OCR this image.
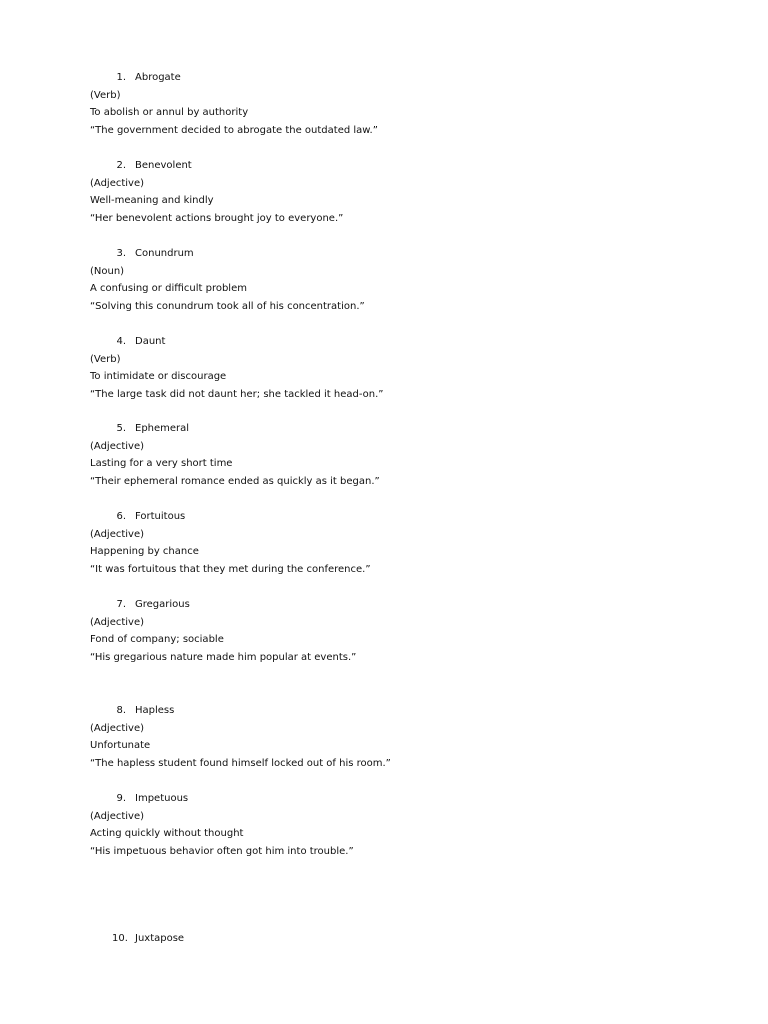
1. Abrogate
(Verb)
To abolish or annul by authority
“The government decided to abrogate the outdated law.”
2. Benevolent
(Adjective)
Well-meaning and kindly
“Her benevolent actions brought joy to everyone.”
3. Conundrum
(Noun)
A confusing or difficult problem
“Solving this conundrum took all of his concentration.”
4. Daunt
(Verb)
To intimidate or discourage
“The large task did not daunt her; she tackled it head-on.”
5. Ephemeral
(Adjective)
Lasting for a very short time
“Their ephemeral romance ended as quickly as it began.”
6. Fortuitous
(Adjective)
Happening by chance
“It was fortuitous that they met during the conference.”
7. Gregarious
(Adjective)
Fond of company; sociable
“His gregarious nature made him popular at events.”
8. Hapless
(Adjective)
Unfortunate
“The hapless student found himself locked out of his room.”
9. Impetuous
(Adjective)
Acting quickly without thought
“His impetuous behavior often got him into trouble.”
10. Juxtapose
